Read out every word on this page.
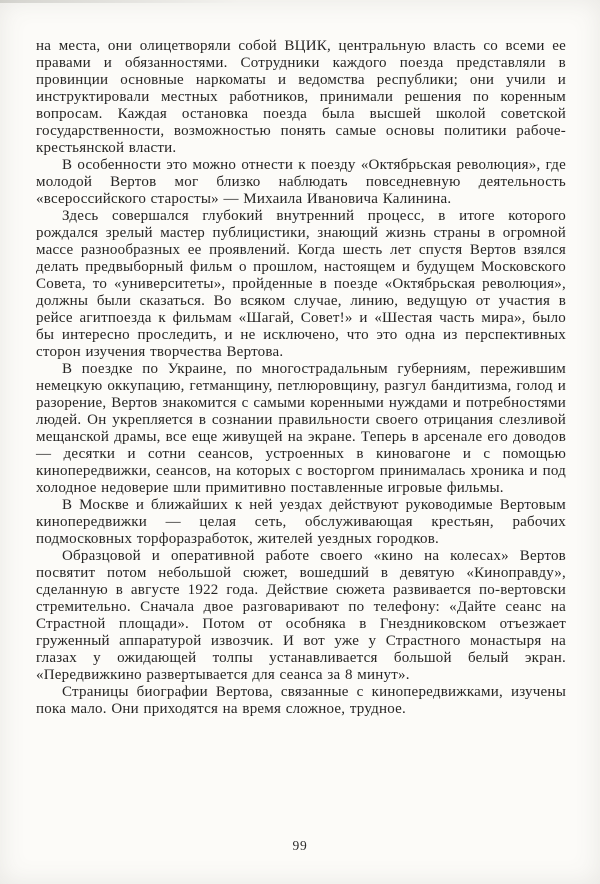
на места, они олицетворяли собой ВЦИК, центральную власть со всеми ее правами и обязанностями. Сотрудники каждого поезда представляли в провинции основные наркоматы и ведомства республики; они учили и инструктировали местных работников, принимали решения по коренным вопросам. Каждая остановка поезда была высшей школой советской государственности, возможностью понять самые основы политики рабоче-крестьянской власти.

В особенности это можно отнести к поезду «Октябрьская революция», где молодой Вертов мог близко наблюдать повседневную деятельность «всероссийского старосты» — Михаила Ивановича Калинина.

Здесь совершался глубокий внутренний процесс, в итоге которого рождался зрелый мастер публицистики, знающий жизнь страны в огромной массе разнообразных ее проявлений. Когда шесть лет спустя Вертов взялся делать предвыборный фильм о прошлом, настоящем и будущем Московского Совета, то «университеты», пройденные в поезде «Октябрьская революция», должны были сказаться. Во всяком случае, линию, ведущую от участия в рейсе агитпоезда к фильмам «Шагай, Совет!» и «Шестая часть мира», было бы интересно проследить, и не исключено, что это одна из перспективных сторон изучения творчества Вертова.

В поездке по Украине, по многострадальным губерниям, пережившим немецкую оккупацию, гетманщину, петлюровщину, разгул бандитизма, голод и разорение, Вертов знакомится с самыми коренными нуждами и потребностями людей. Он укрепляется в сознании правильности своего отрицания слезливой мещанской драмы, все еще живущей на экране. Теперь в арсенале его доводов — десятки и сотни сеансов, устроенных в киновагоне и с помощью кинопередвижки, сеансов, на которых с восторгом принималась хроника и под холодное недоверие шли примитивно поставленные игровые фильмы.

В Москве и ближайших к ней уездах действуют руководимые Вертовым кинопередвижки — целая сеть, обслуживающая крестьян, рабочих подмосковных торфоразработок, жителей уездных городков.

Образцовой и оперативной работе своего «кино на колесах» Вертов посвятит потом небольшой сюжет, вошедший в девятую «Киноправду», сделанную в августе 1922 года. Действие сюжета развивается по-вертовски стремительно. Сначала двое разговаривают по телефону: «Дайте сеанс на Страстной площади». Потом от особняка в Гнездниковском отъезжает груженный аппаратурой извозчик. И вот уже у Страстного монастыря на глазах у ожидающей толпы устанавливается большой белый экран. «Передвижкино развертывается для сеанса за 8 минут».

Страницы биографии Вертова, связанные с кинопередвижками, изучены пока мало. Они приходятся на время сложное, трудное.

99
